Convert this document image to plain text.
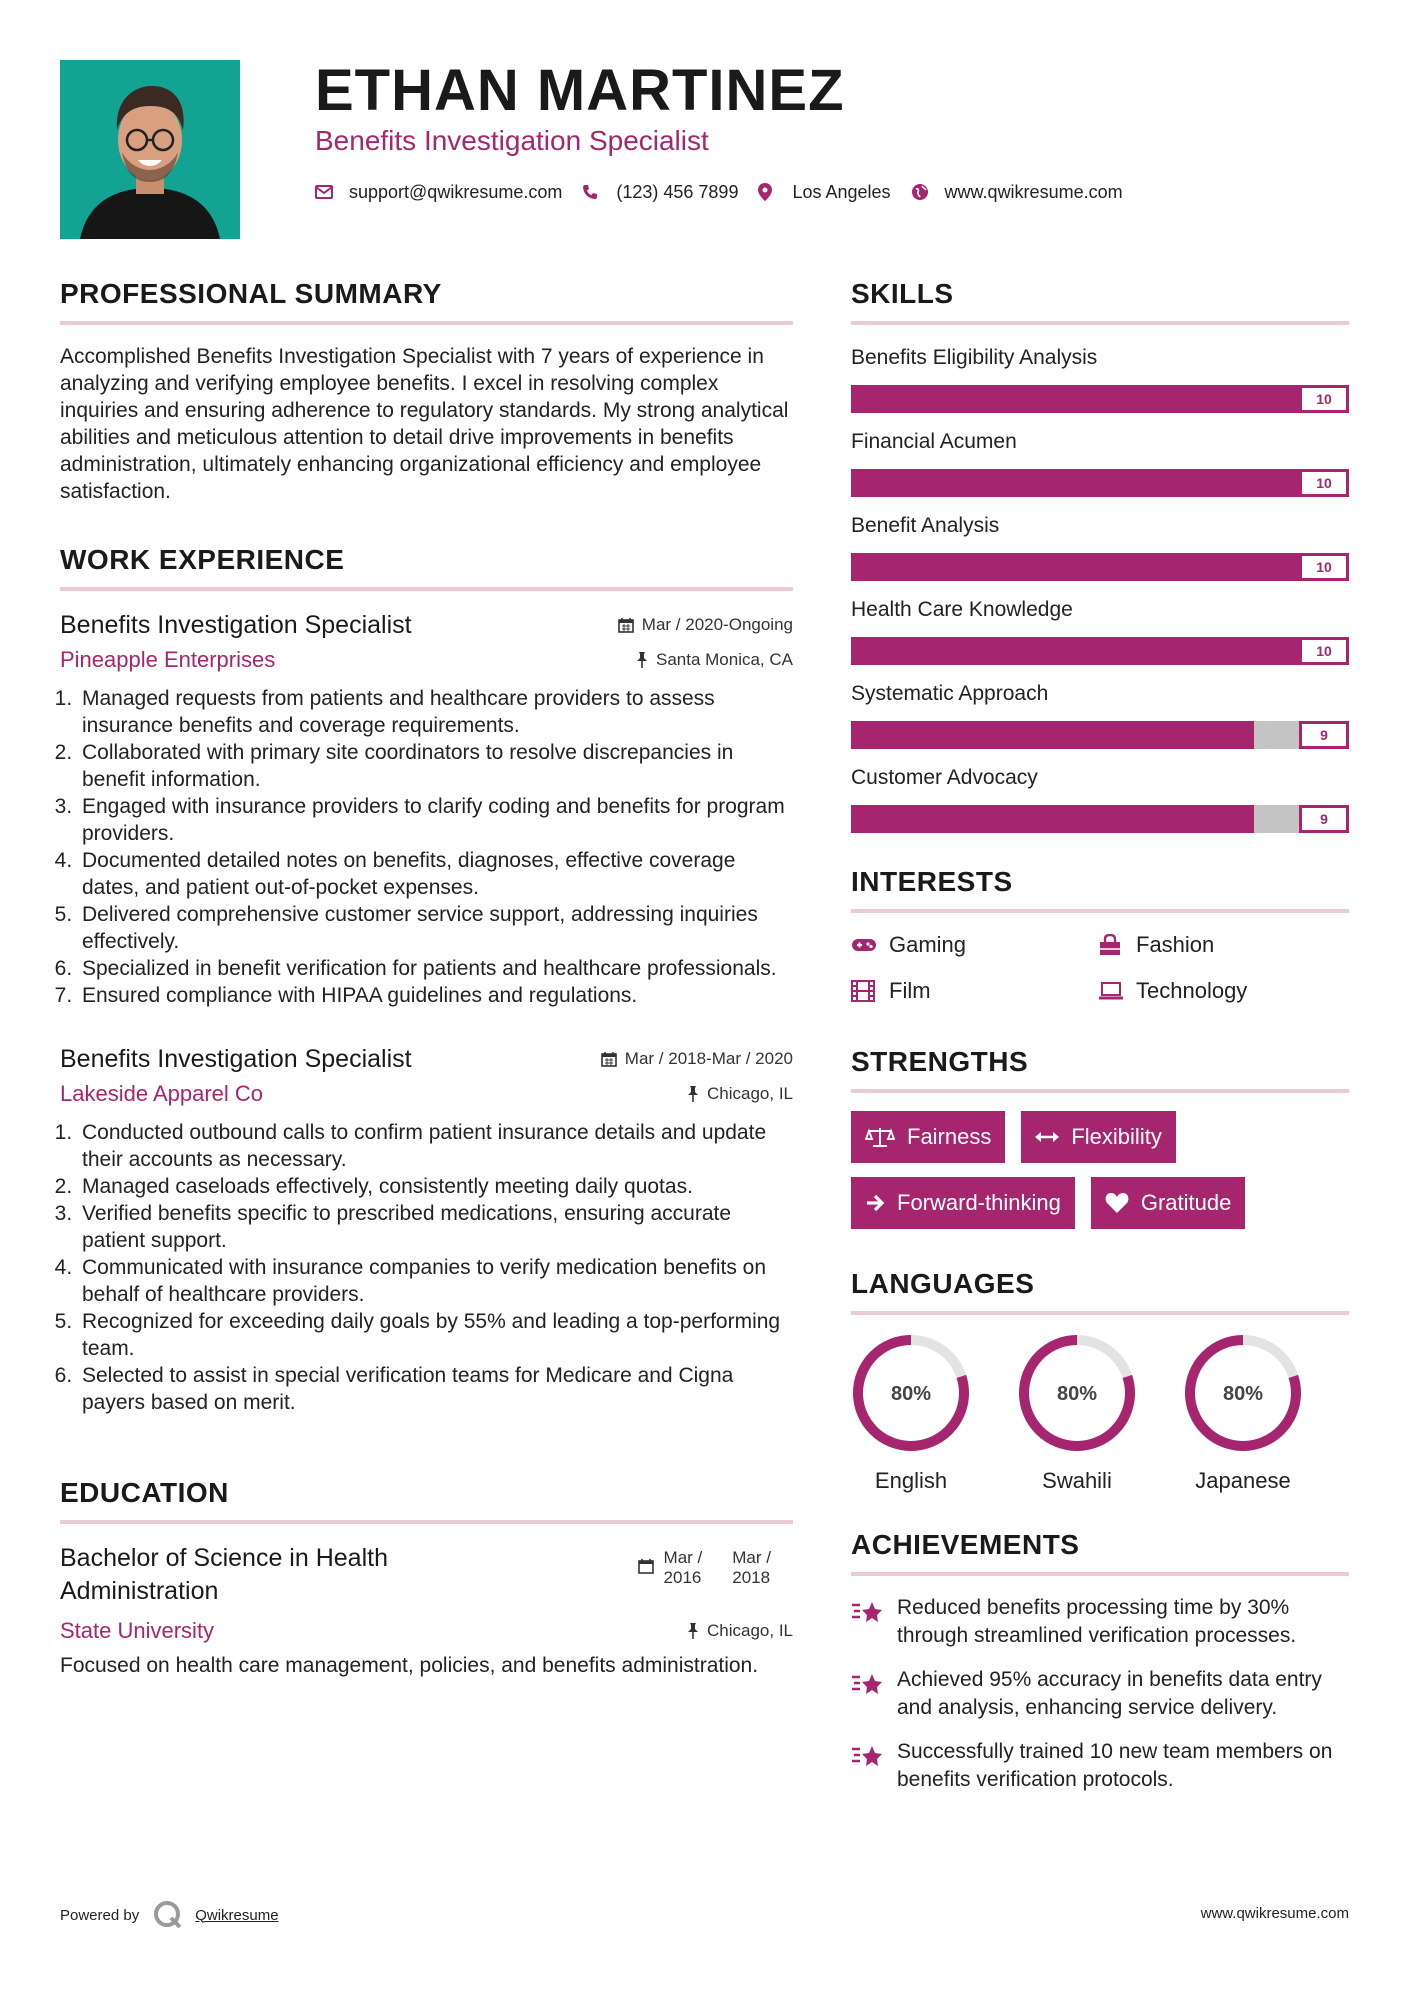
ETHAN MARTINEZ
Benefits Investigation Specialist
support@qwikresume.com	(123) 456 7899	Los Angeles	www.qwikresume.com
PROFESSIONAL SUMMARY

Accomplished Benefits Investigation Specialist with 7 years of experience in analyzing and verifying employee benefits. I excel in resolving complex inquiries and ensuring adherence to regulatory standards. My strong analytical abilities and meticulous attention to detail drive improvements in benefits administration, ultimately enhancing organizational efficiency and employee satisfaction.

WORK EXPERIENCE
Benefits Investigation Specialist	Mar / 2020-Ongoing
Pineapple Enterprises	Santa Monica, CA
1. Managed requests from patients and healthcare providers to assess insurance benefits and coverage requirements.
2. Collaborated with primary site coordinators to resolve discrepancies in benefit information.
3. Engaged with insurance providers to clarify coding and benefits for program providers.
4. Documented detailed notes on benefits, diagnoses, effective coverage dates, and patient out-of-pocket expenses.
5. Delivered comprehensive customer service support, addressing inquiries effectively.
6. Specialized in benefit verification for patients and healthcare professionals.
7. Ensured compliance with HIPAA guidelines and regulations.
Benefits Investigation Specialist	Mar / 2018-Mar / 2020
Lakeside Apparel Co	Chicago, IL
1. Conducted outbound calls to confirm patient insurance details and update their accounts as necessary.
2. Managed caseloads effectively, consistently meeting daily quotas.
3. Verified benefits specific to prescribed medications, ensuring accurate patient support.
4. Communicated with insurance companies to verify medication benefits on behalf of healthcare providers.
5. Recognized for exceeding daily goals by 55% and leading a top-performing team.
6. Selected to assist in special verification teams for Medicare and Cigna payers based on merit.
EDUCATION
Bachelor of Science in Health
Administration
Mar /
2016
Mar /
2018
State University	Chicago, IL

Focused on health care management, policies, and benefits administration.

SKILLS
Benefits Eligibility Analysis
10
Financial Acumen
10
Benefit Analysis
10
Health Care Knowledge
10
Systematic Approach
9
Customer Advocacy
9
INTERESTS
Gaming	Fashion
Film	Technology
STRENGTHS
Fairness	Flexibility
Forward-thinking	Gratitude
LANGUAGES
80%
English
80%
Swahili
80%
Japanese
ACHIEVEMENTS
Reduced benefits processing time by 30% through streamlined verification processes.
Achieved 95% accuracy in benefits data entry and analysis, enhancing service delivery.
Successfully trained 10 new team members on benefits verification protocols.
Powered by	Qwikresume	www.qwikresume.com
